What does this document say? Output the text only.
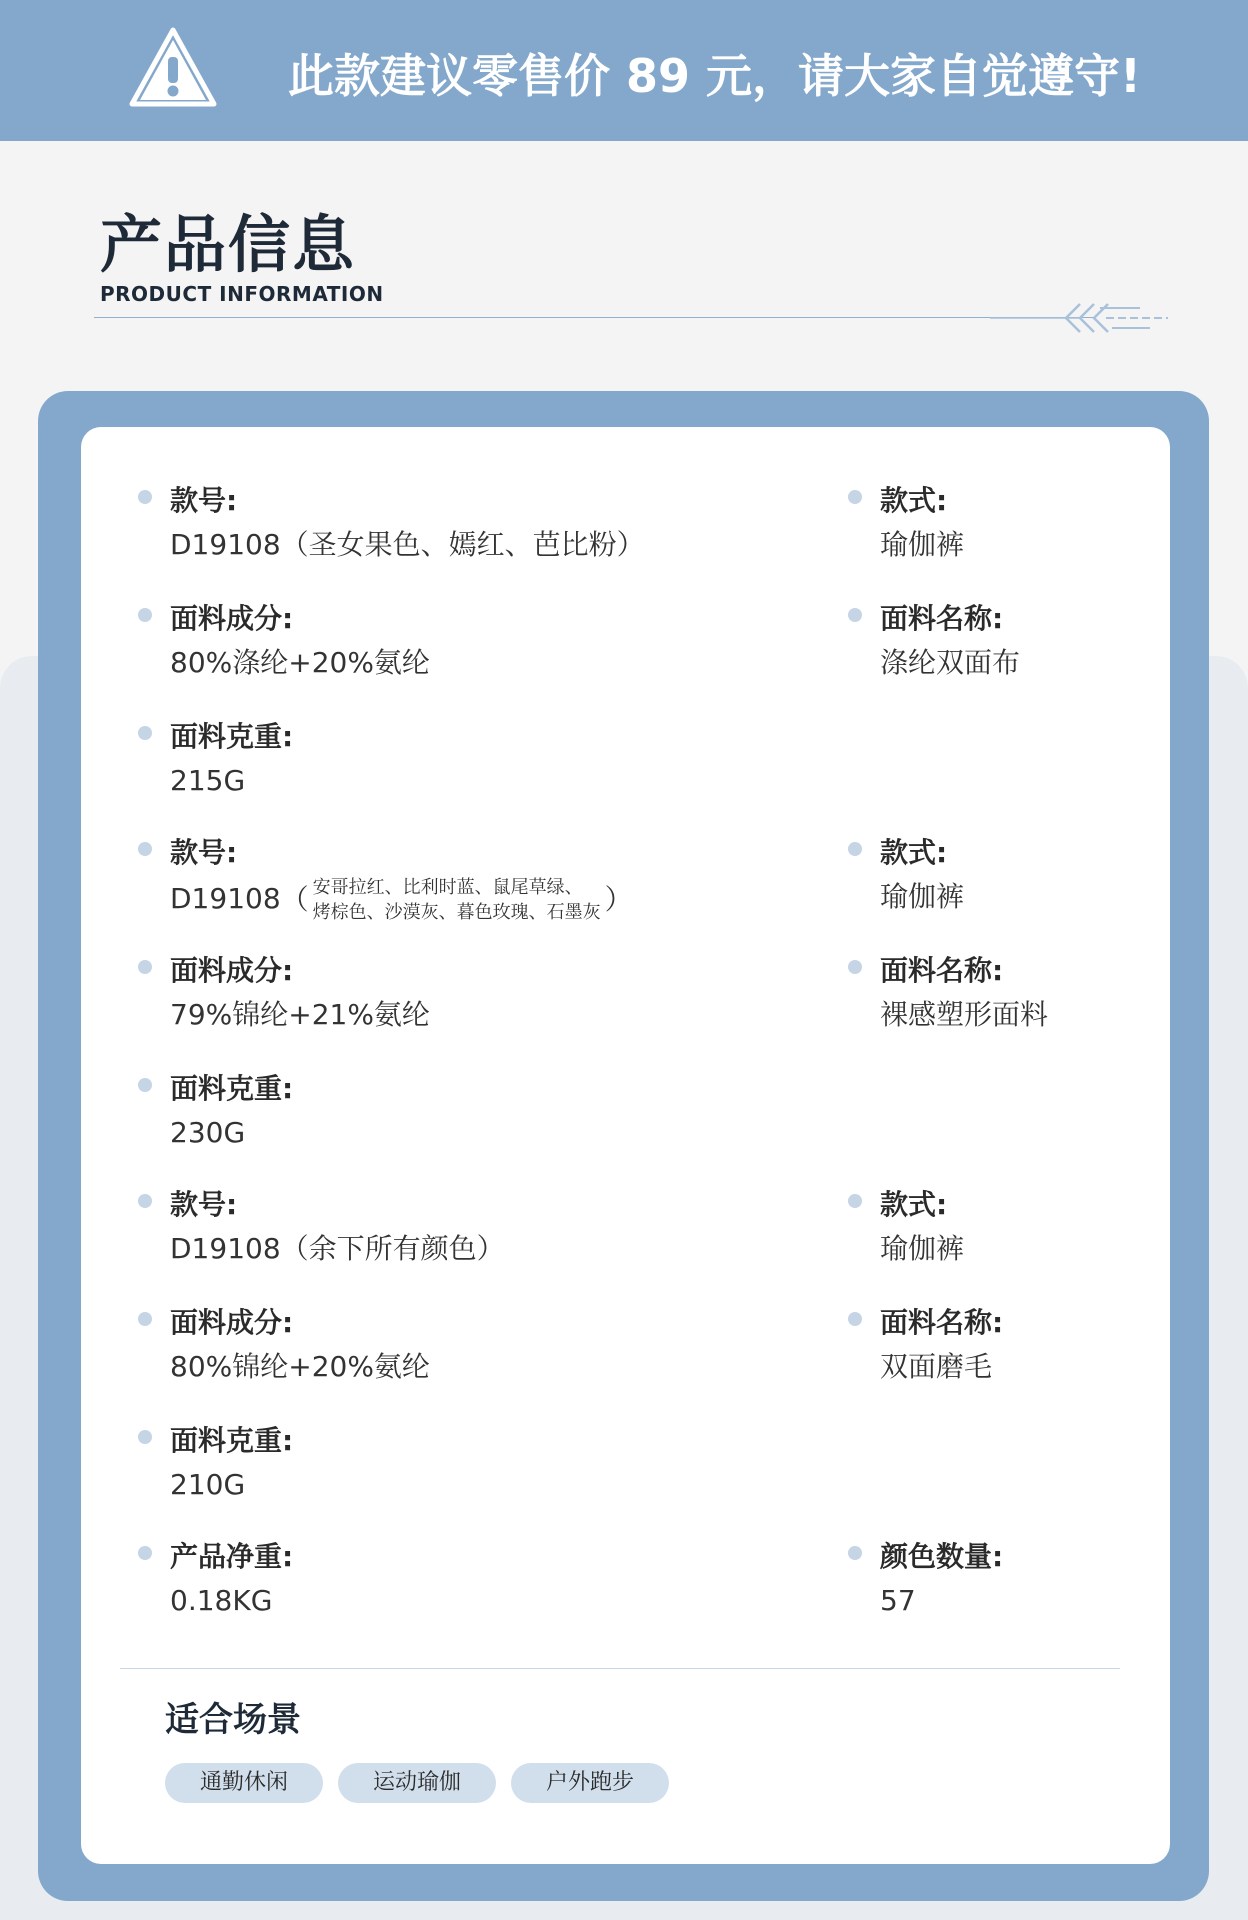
此款建议零售价 89 元，请大家自觉遵守!
产品信息
PRODUCT INFORMATION
款号:
D19108（圣女果色、嫣红、芭比粉）
款式:
瑜伽裤
面料成分:
80%涤纶+20%氨纶
面料名称:
涤纶双面布
面料克重:
215G
款号:
D19108（ 安哥拉红、比利时蓝、鼠尾草绿、
烤棕色、沙漠灰、暮色玫瑰、石墨灰 ）
款式:
瑜伽裤
面料成分:
79%锦纶+21%氨纶
面料名称:
裸感塑形面料
面料克重:
230G
款号:
D19108（余下所有颜色）
款式:
瑜伽裤
面料成分:
80%锦纶+20%氨纶
面料名称:
双面磨毛
面料克重:
210G
产品净重:
0.18KG
颜色数量:
57
适合场景
通勤休闲	运动瑜伽	户外跑步
